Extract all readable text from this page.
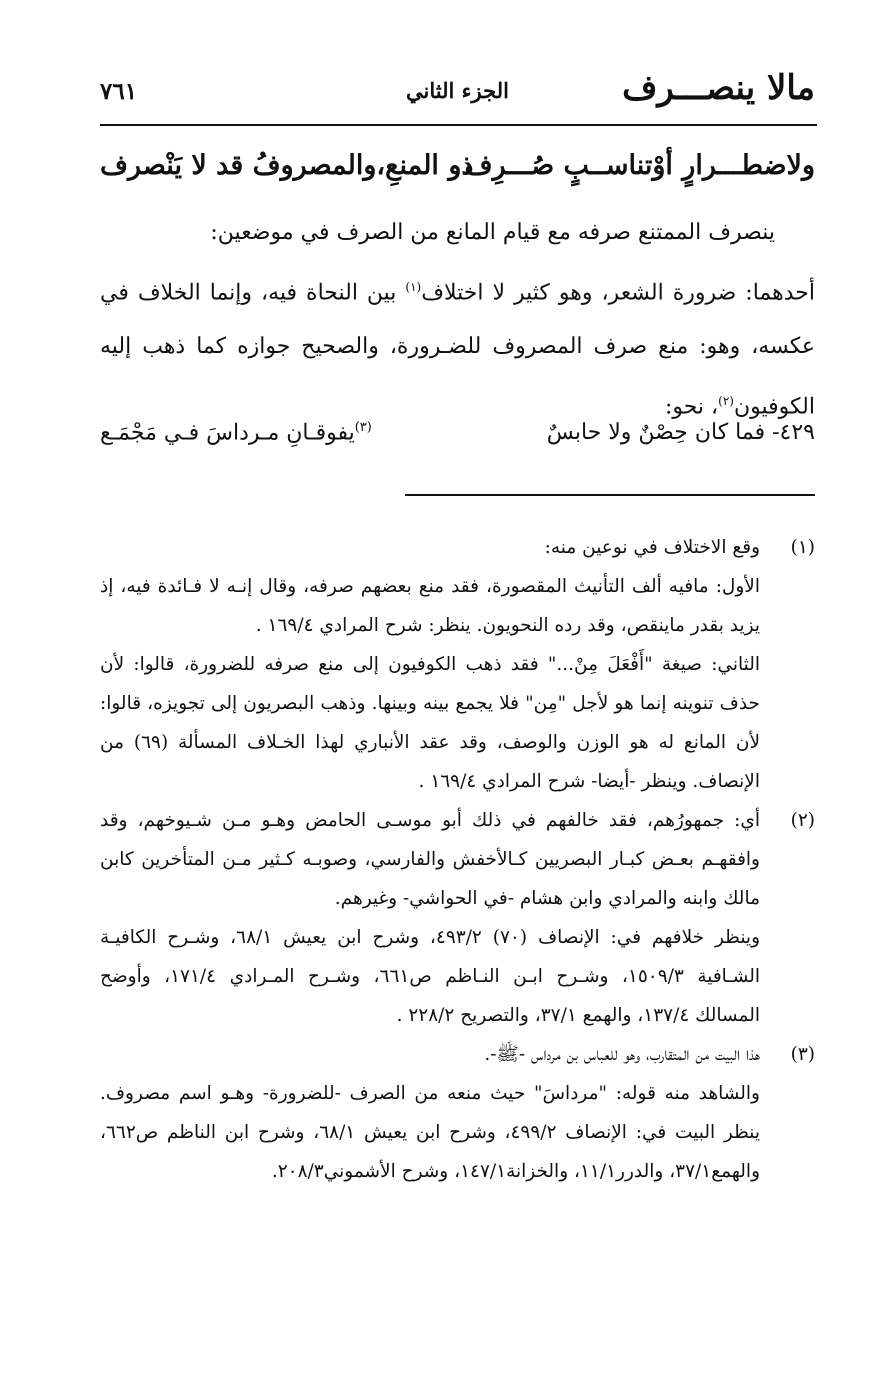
مالا ينصـــرف
الجزء الثاني
٧٦١
ولاضطـــرارٍ أوْتناســبٍ صُـــرِف
ذو المنعِ،والمصروفُ قد لا يَنْصرف

ينصرف الممتنع صرفه مع قيام المانع من الصرف في موضعين:

أحدهما: ضرورة الشعر، وهو كثير لا اختلاف$^{(١)}$ بين النحاة فيه، وإنما الخلاف في عكسه، وهو: منع صرف المصروف للضـرورة، والصحيح جوازه كما ذهب إليه الكوفيون$^{(٢)}$، نحو:

٤٢٩- فما كان حِصْنٌ ولا حابسٌ
$^{(٣)}$يفوقـانِ مـرداسَ فـي مَجْمَـع
(١)

وقع الاختلاف في نوعين منه:

الأول: مافيه ألف التأنيث المقصورة، فقد منع بعضهم صرفه، وقال إنـه لا فـائدة فيه، إذ يزيد بقدر ماينقص، وقد رده النحويون. ينظر: شرح المرادي ١٦٩/٤ .

الثاني: صيغة "أَفْعَلَ مِنْ..." فقد ذهب الكوفيون إلى منع صرفه للضرورة، قالوا: لأن حذف تنوينه إنما هو لأجل "مِن" فلا يجمع بينه وبينها. وذهب البصريون إلى تجويزه، قالوا: لأن المانع له هو الوزن والوصف، وقد عقد الأنباري لهذا الخـلاف المسألة (٦٩) من الإنصاف. وينظر -أيضا- شرح المرادي ١٦٩/٤ .

(٢)

أي: جمهورُهم، فقد خالفهم في ذلك أبو موسـى الحامض وهـو مـن شـيوخهم، وقد وافقهـم بعـض كبـار البصريين كـالأخفش والفارسي، وصوبـه كـثير مـن المتأخرين كابن مالك وابنه والمرادي وابن هشام -في الحواشي- وغيرهم.

وينظر خلافهم في: الإنصاف (٧٠) ٤٩٣/٢، وشرح ابن يعيش ٦٨/١، وشـرح الكافيـة الشـافية ١٥٠٩/٣، وشـرح ابـن النـاظم ص٦٦١، وشـرح المـرادي ١٧١/٤، وأوضح المسالك ١٣٧/٤، والهمع ٣٧/١، والتصريح ٢٢٨/٢ .

(٣)

هذا البيت من المتقارب، وهو للعباس بن مرداس -ﷺ-.

والشاهد منه قوله: "مرداسَ" حيث منعه من الصرف -للضرورة- وهـو اسم مصروف. ينظر البيت في: الإنصاف ٤٩٩/٢، وشرح ابن يعيش ٦٨/١، وشرح ابن الناظم ص٦٦٢، والهمع٣٧/١، والدرر١١/١، والخزانة١٤٧/١، وشرح الأشموني٢٠٨/٣.
